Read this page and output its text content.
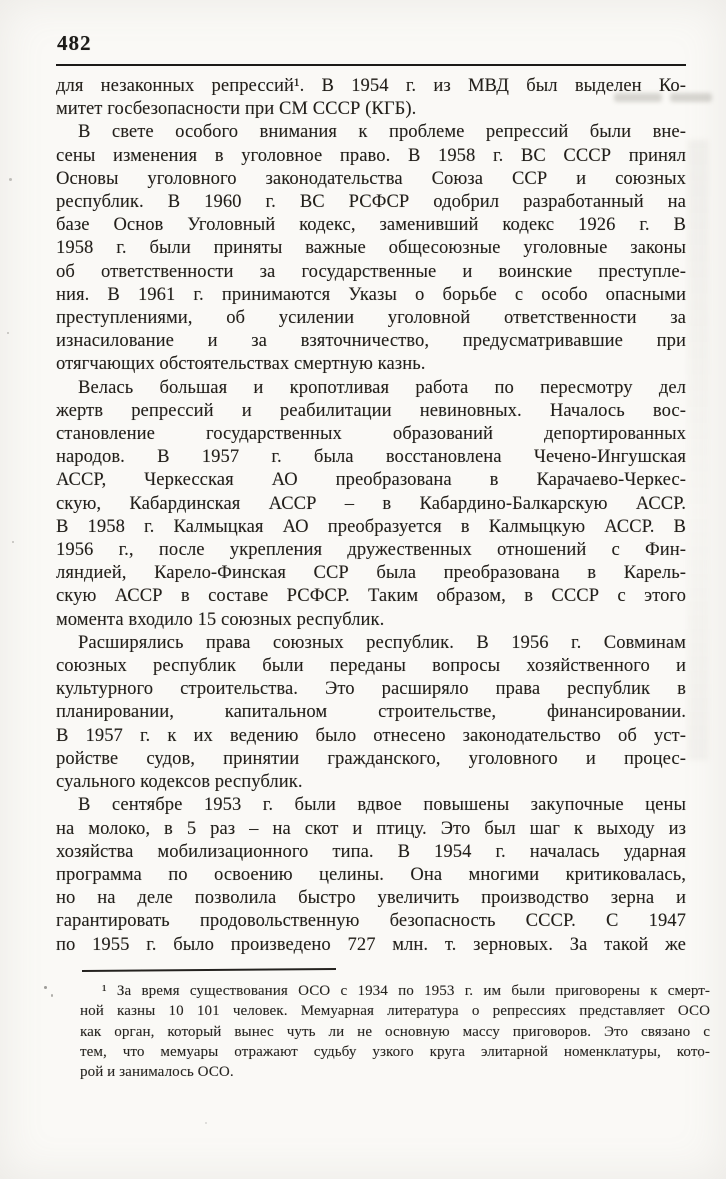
482
для незаконных репрессий¹. В 1954 г. из МВД был выделен Ко-
митет госбезопасности при СМ СССР (КГБ).
В свете особого внимания к проблеме репрессий были вне-
сены изменения в уголовное право. В 1958 г. ВС СССР принял
Основы уголовного законодательства Союза ССР и союзных
республик. В 1960 г. ВС РСФСР одобрил разработанный на
базе Основ Уголовный кодекс, заменивший кодекс 1926 г. В
1958 г. были приняты важные общесоюзные уголовные законы
об ответственности за государственные и воинские преступле-
ния. В 1961 г. принимаются Указы о борьбе с особо опасными
преступлениями, об усилении уголовной ответственности за
изнасилование и за взяточничество, предусматривавшие при
отягчающих обстоятельствах смертную казнь.
Велась большая и кропотливая работа по пересмотру дел
жертв репрессий и реабилитации невиновных. Началось вос-
становление государственных образований депортированных
народов. В 1957 г. была восстановлена Чечено-Ингушская
АССР, Черкесская АО преобразована в Карачаево-Черкес-
скую, Кабардинская АССР – в Кабардино-Балкарскую АССР.
В 1958 г. Калмыцкая АО преобразуется в Калмыцкую АССР. В
1956 г., после укрепления дружественных отношений с Фин-
ляндией, Карело-Финская ССР была преобразована в Карель-
скую АССР в составе РСФСР. Таким образом, в СССР с этого
момента входило 15 союзных республик.
Расширялись права союзных республик. В 1956 г. Совминам
союзных республик были переданы вопросы хозяйственного и
культурного строительства. Это расширяло права республик в
планировании, капитальном строительстве, финансировании.
В 1957 г. к их ведению было отнесено законодательство об уст-
ройстве судов, принятии гражданского, уголовного и процес-
суального кодексов республик.
В сентябре 1953 г. были вдвое повышены закупочные цены
на молоко, в 5 раз – на скот и птицу. Это был шаг к выходу из
хозяйства мобилизационного типа. В 1954 г. началась ударная
программа по освоению целины. Она многими критиковалась,
но на деле позволила быстро увеличить производство зерна и
гарантировать продовольственную безопасность СССР. С 1947
по 1955 г. было произведено 727 млн. т. зерновых. За такой же
¹ За время существования ОСО с 1934 по 1953 г. им были приговорены к смерт-
ной казны 10 101 человек. Мемуарная литература о репрессиях представляет ОСО
как орган, который вынес чуть ли не основную массу приговоров. Это связано с
тем, что мемуары отражают судьбу узкого круга элитарной номенклатуры, кото-
рой и занималось ОСО.
